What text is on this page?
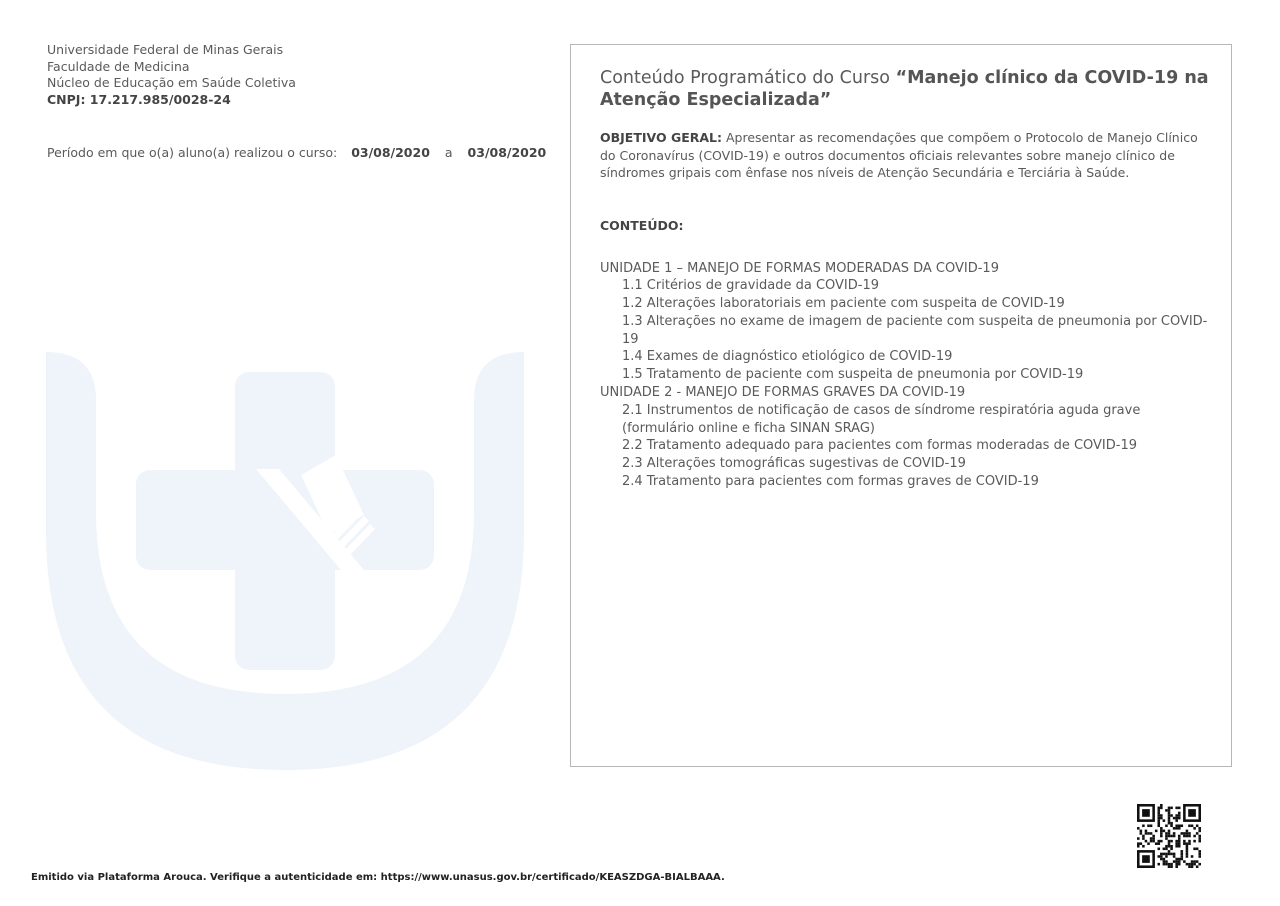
Universidade Federal de Minas Gerais
Faculdade de Medicina
Núcleo de Educação em Saúde Coletiva
CNPJ: 17.217.985/0028-24
Período em que o(a) aluno(a) realizou o curso: 03/08/2020 a 03/08/2020

Conteúdo Programático do Curso “Manejo clínico da COVID-19 na Atenção Especializada”

OBJETIVO GERAL: Apresentar as recomendações que compõem o Protocolo de Manejo Clínico do Coronavírus (COVID-19) e outros documentos oficiais relevantes sobre manejo clínico de síndromes gripais com ênfase nos níveis de Atenção Secundária e Terciária à Saúde.
CONTEÚDO:
UNIDADE 1 – MANEJO DE FORMAS MODERADAS DA COVID-19
1.1 Critérios de gravidade da COVID-19
1.2 Alterações laboratoriais em paciente com suspeita de COVID-19
1.3 Alterações no exame de imagem de paciente com suspeita de pneumonia por COVID-19
1.4 Exames de diagnóstico etiológico de COVID-19
1.5 Tratamento de paciente com suspeita de pneumonia por COVID-19
UNIDADE 2 - MANEJO DE FORMAS GRAVES DA COVID-19
2.1 Instrumentos de notificação de casos de síndrome respiratória aguda grave (formulário online e ficha SINAN SRAG)
2.2 Tratamento adequado para pacientes com formas moderadas de COVID-19
2.3 Alterações tomográficas sugestivas de COVID-19
2.4 Tratamento para pacientes com formas graves de COVID-19
Emitido via Plataforma Arouca. Verifique a autenticidade em: https://www.unasus.gov.br/certificado/KEASZDGA-BIALBAAA.
